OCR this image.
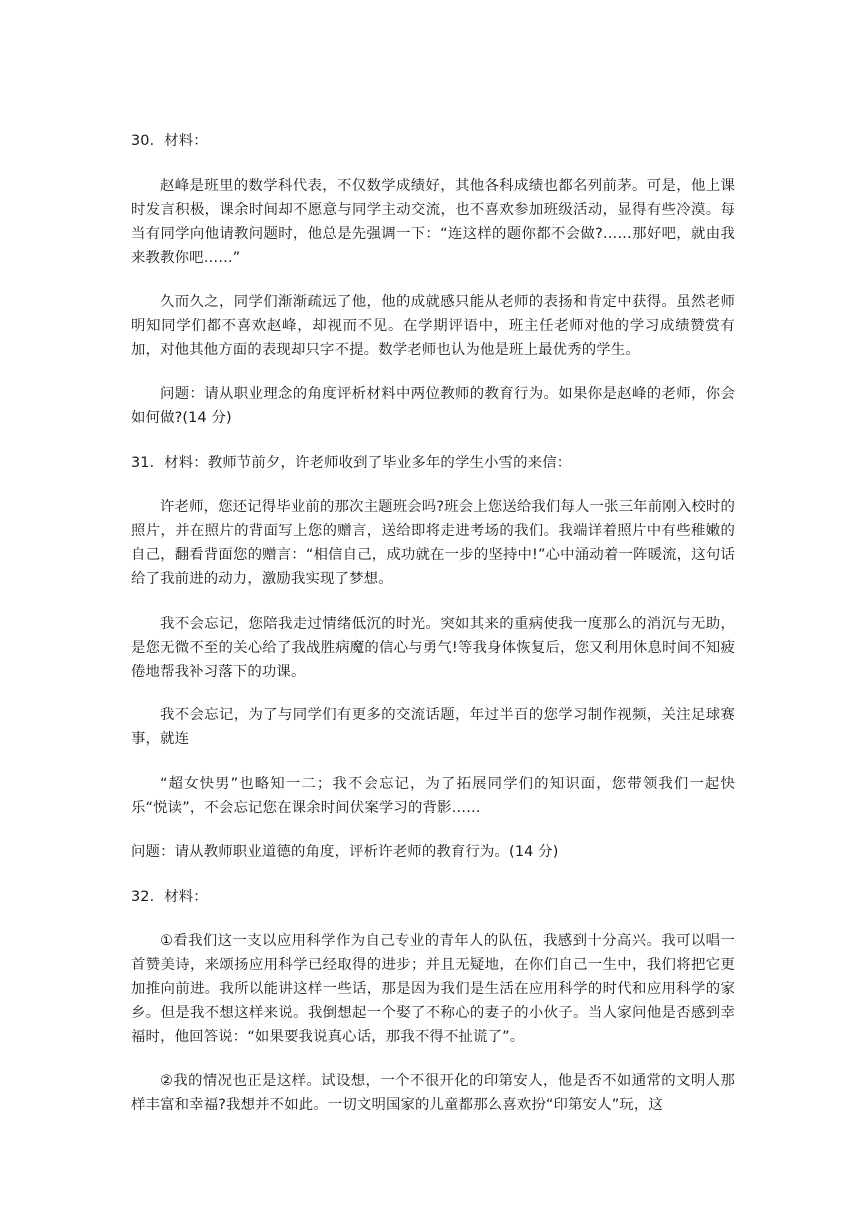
30．材料：

赵峰是班里的数学科代表，不仅数学成绩好，其他各科成绩也都名列前茅。可是，他上课时发言积极，课余时间却不愿意与同学主动交流，也不喜欢参加班级活动，显得有些冷漠。每当有同学向他请教问题时，他总是先强调一下：“连这样的题你都不会做?……那好吧，就由我来教教你吧……”

久而久之，同学们渐渐疏远了他，他的成就感只能从老师的表扬和肯定中获得。虽然老师明知同学们都不喜欢赵峰，却视而不见。在学期评语中，班主任老师对他的学习成绩赞赏有加，对他其他方面的表现却只字不提。数学老师也认为他是班上最优秀的学生。

问题：请从职业理念的角度评析材料中两位教师的教育行为。如果你是赵峰的老师，你会如何做?(14 分)

31．材料：教师节前夕，许老师收到了毕业多年的学生小雪的来信：

许老师，您还记得毕业前的那次主题班会吗?班会上您送给我们每人一张三年前刚入校时的照片，并在照片的背面写上您的赠言，送给即将走进考场的我们。我端详着照片中有些稚嫩的自己，翻看背面您的赠言：“相信自己，成功就在一步的坚持中!”心中涌动着一阵暖流，这句话给了我前进的动力，激励我实现了梦想。

我不会忘记，您陪我走过情绪低沉的时光。突如其来的重病使我一度那么的消沉与无助，是您无微不至的关心给了我战胜病魔的信心与勇气!等我身体恢复后，您又利用休息时间不知疲倦地帮我补习落下的功课。

我不会忘记，为了与同学们有更多的交流话题，年过半百的您学习制作视频，关注足球赛事，就连

“超女快男”也略知一二；我不会忘记，为了拓展同学们的知识面，您带领我们一起快乐“悦读”，不会忘记您在课余时间伏案学习的背影……

问题：请从教师职业道德的角度，评析许老师的教育行为。(14 分)

32．材料：

①看我们这一支以应用科学作为自己专业的青年人的队伍，我感到十分高兴。我可以唱一首赞美诗，来颂扬应用科学已经取得的进步；并且无疑地，在你们自己一生中，我们将把它更加推向前进。我所以能讲这样一些话，那是因为我们是生活在应用科学的时代和应用科学的家乡。但是我不想这样来说。我倒想起一个娶了不称心的妻子的小伙子。当人家问他是否感到幸福时，他回答说：“如果要我说真心话，那我不得不扯谎了”。

②我的情况也正是这样。试设想，一个不很开化的印第安人，他是否不如通常的文明人那样丰富和幸福?我想并不如此。一切文明国家的儿童都那么喜欢扮“印第安人”玩，这
